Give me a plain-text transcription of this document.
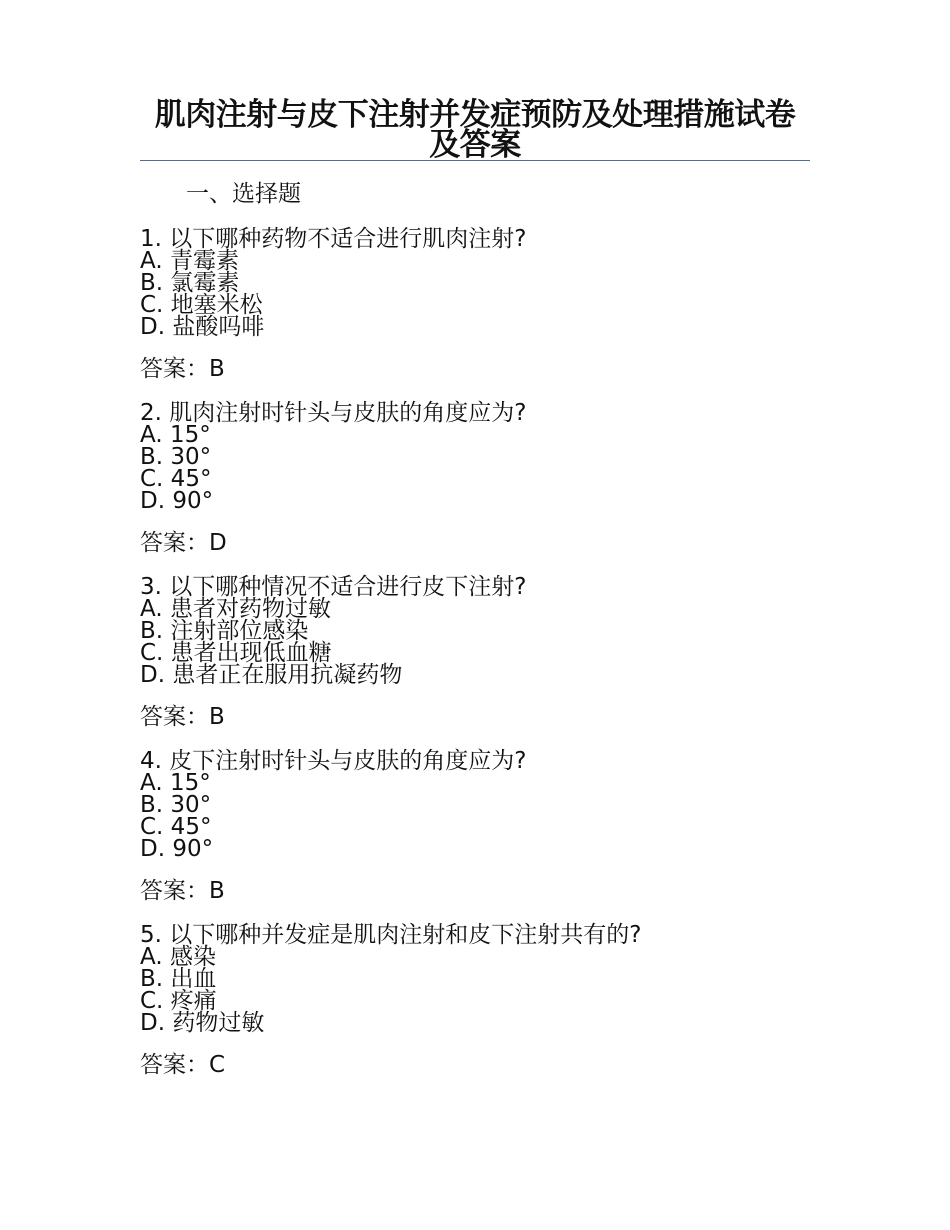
肌肉注射与皮下注射并发症预防及处理措施试卷及答案
一、选择题
1. 以下哪种药物不适合进行肌肉注射?
A. 青霉素
B. 氯霉素
C. 地塞米松
D. 盐酸吗啡
答案：B
2. 肌肉注射时针头与皮肤的角度应为?
A. 15°
B. 30°
C. 45°
D. 90°
答案：D
3. 以下哪种情况不适合进行皮下注射?
A. 患者对药物过敏
B. 注射部位感染
C. 患者出现低血糖
D. 患者正在服用抗凝药物
答案：B
4. 皮下注射时针头与皮肤的角度应为?
A. 15°
B. 30°
C. 45°
D. 90°
答案：B
5. 以下哪种并发症是肌肉注射和皮下注射共有的?
A. 感染
B. 出血
C. 疼痛
D. 药物过敏
答案：C
